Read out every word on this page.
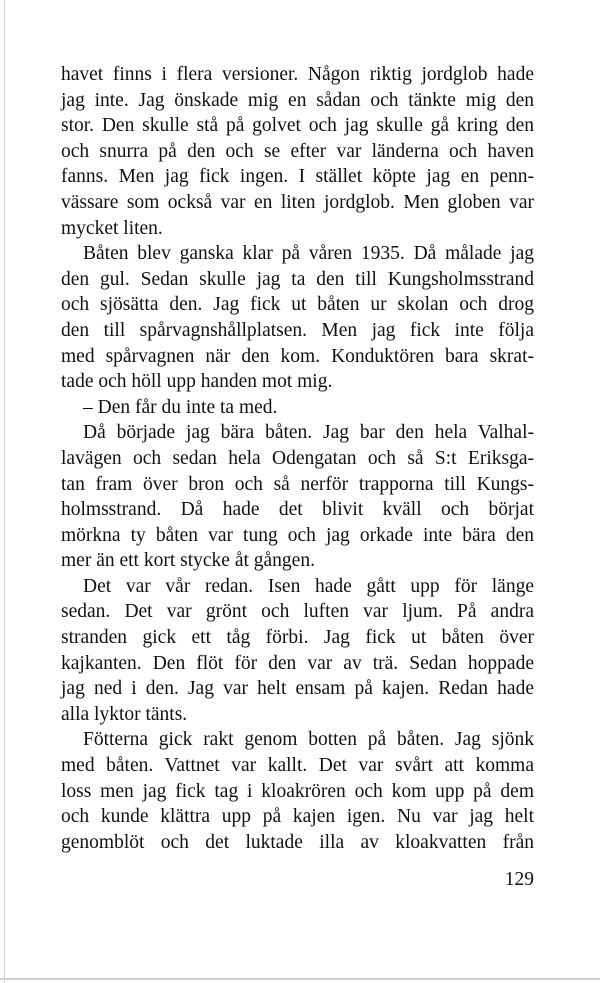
havet finns i flera versioner. Någon riktig jordglob hade
jag inte. Jag önskade mig en sådan och tänkte mig den
stor. Den skulle stå på golvet och jag skulle gå kring den
och snurra på den och se efter var länderna och haven
fanns. Men jag fick ingen. I stället köpte jag en penn-
vässare som också var en liten jordglob. Men globen var
mycket liten.
Båten blev ganska klar på våren 1935. Då målade jag
den gul. Sedan skulle jag ta den till Kungsholmsstrand
och sjösätta den. Jag fick ut båten ur skolan och drog
den till spårvagnshållplatsen. Men jag fick inte följa
med spårvagnen när den kom. Konduktören bara skrat-
tade och höll upp handen mot mig.
– Den får du inte ta med.
Då började jag bära båten. Jag bar den hela Valhal-
lavägen och sedan hela Odengatan och så S:t Eriksga-
tan fram över bron och så nerför trapporna till Kungs-
holmsstrand. Då hade det blivit kväll och börjat
mörkna ty båten var tung och jag orkade inte bära den
mer än ett kort stycke åt gången.
Det var vår redan. Isen hade gått upp för länge
sedan. Det var grönt och luften var ljum. På andra
stranden gick ett tåg förbi. Jag fick ut båten över
kajkanten. Den flöt för den var av trä. Sedan hoppade
jag ned i den. Jag var helt ensam på kajen. Redan hade
alla lyktor tänts.
Fötterna gick rakt genom botten på båten. Jag sjönk
med båten. Vattnet var kallt. Det var svårt att komma
loss men jag fick tag i kloakrören och kom upp på dem
och kunde klättra upp på kajen igen. Nu var jag helt
genomblöt och det luktade illa av kloakvatten från
129
